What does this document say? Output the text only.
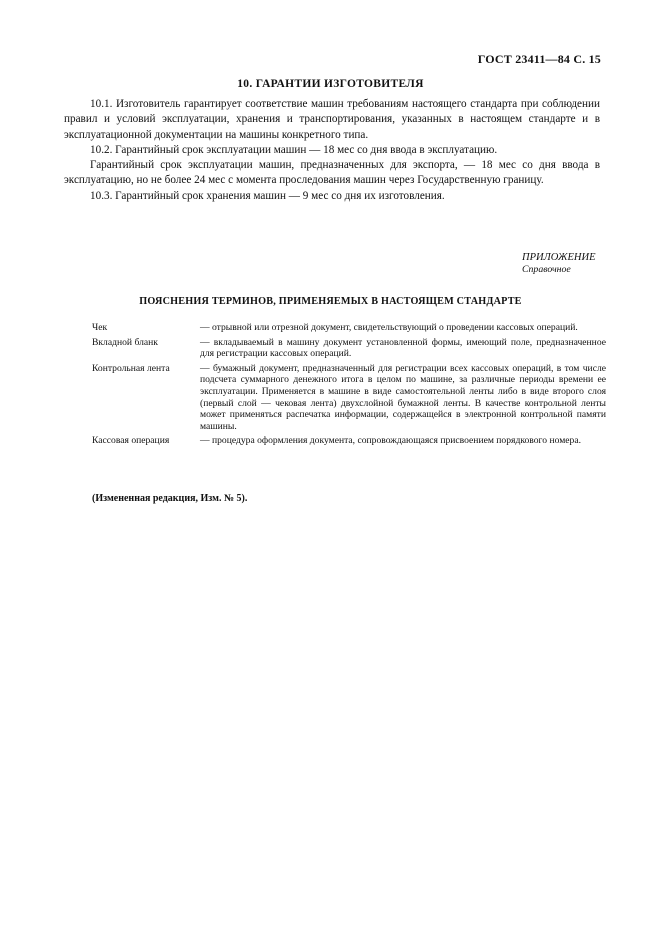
ГОСТ 23411—84 С. 15
10. ГАРАНТИИ ИЗГОТОВИТЕЛЯ

10.1. Изготовитель гарантирует соответствие машин требованиям настоящего стандарта при соблюдении правил и условий эксплуатации, хранения и транспортирования, указанных в настоящем стандарте и в эксплуатационной документации на машины конкретного типа.

10.2. Гарантийный срок эксплуатации машин — 18 мес со дня ввода в эксплуатацию.

Гарантийный срок эксплуатации машин, предназначенных для экспорта, — 18 мес со дня ввода в эксплуатацию, но не более 24 мес с момента проследования машин через Государственную границу.

10.3. Гарантийный срок хранения машин — 9 мес со дня их изготовления.

ПРИЛОЖЕНИЕ
Справочное
ПОЯСНЕНИЯ ТЕРМИНОВ, ПРИМЕНЯЕМЫХ В НАСТОЯЩЕМ СТАНДАРТЕ
Чек	— отрывной или отрезной документ, свидетельствующий о проведении кассовых операций.
Вкладной бланк	— вкладываемый в машину документ установленной формы, имеющий поле, предназначенное для регистрации кассовых операций.
Контрольная лента	— бумажный документ, предназначенный для регистрации всех кассовых операций, в том числе подсчета суммарного денежного итога в целом по машине, за различные периоды времени ее эксплуатации. Применяется в машине в виде самостоятельной ленты либо в виде второго слоя (первый слой — чековая лента) двухслойной бумажной ленты. В качестве контрольной ленты может применяться распечатка информации, содержащейся в электронной контрольной памяти машины.
Кассовая операция	— процедура оформления документа, сопровождающаяся присвоением порядкового номера.
(Измененная редакция, Изм. № 5).
